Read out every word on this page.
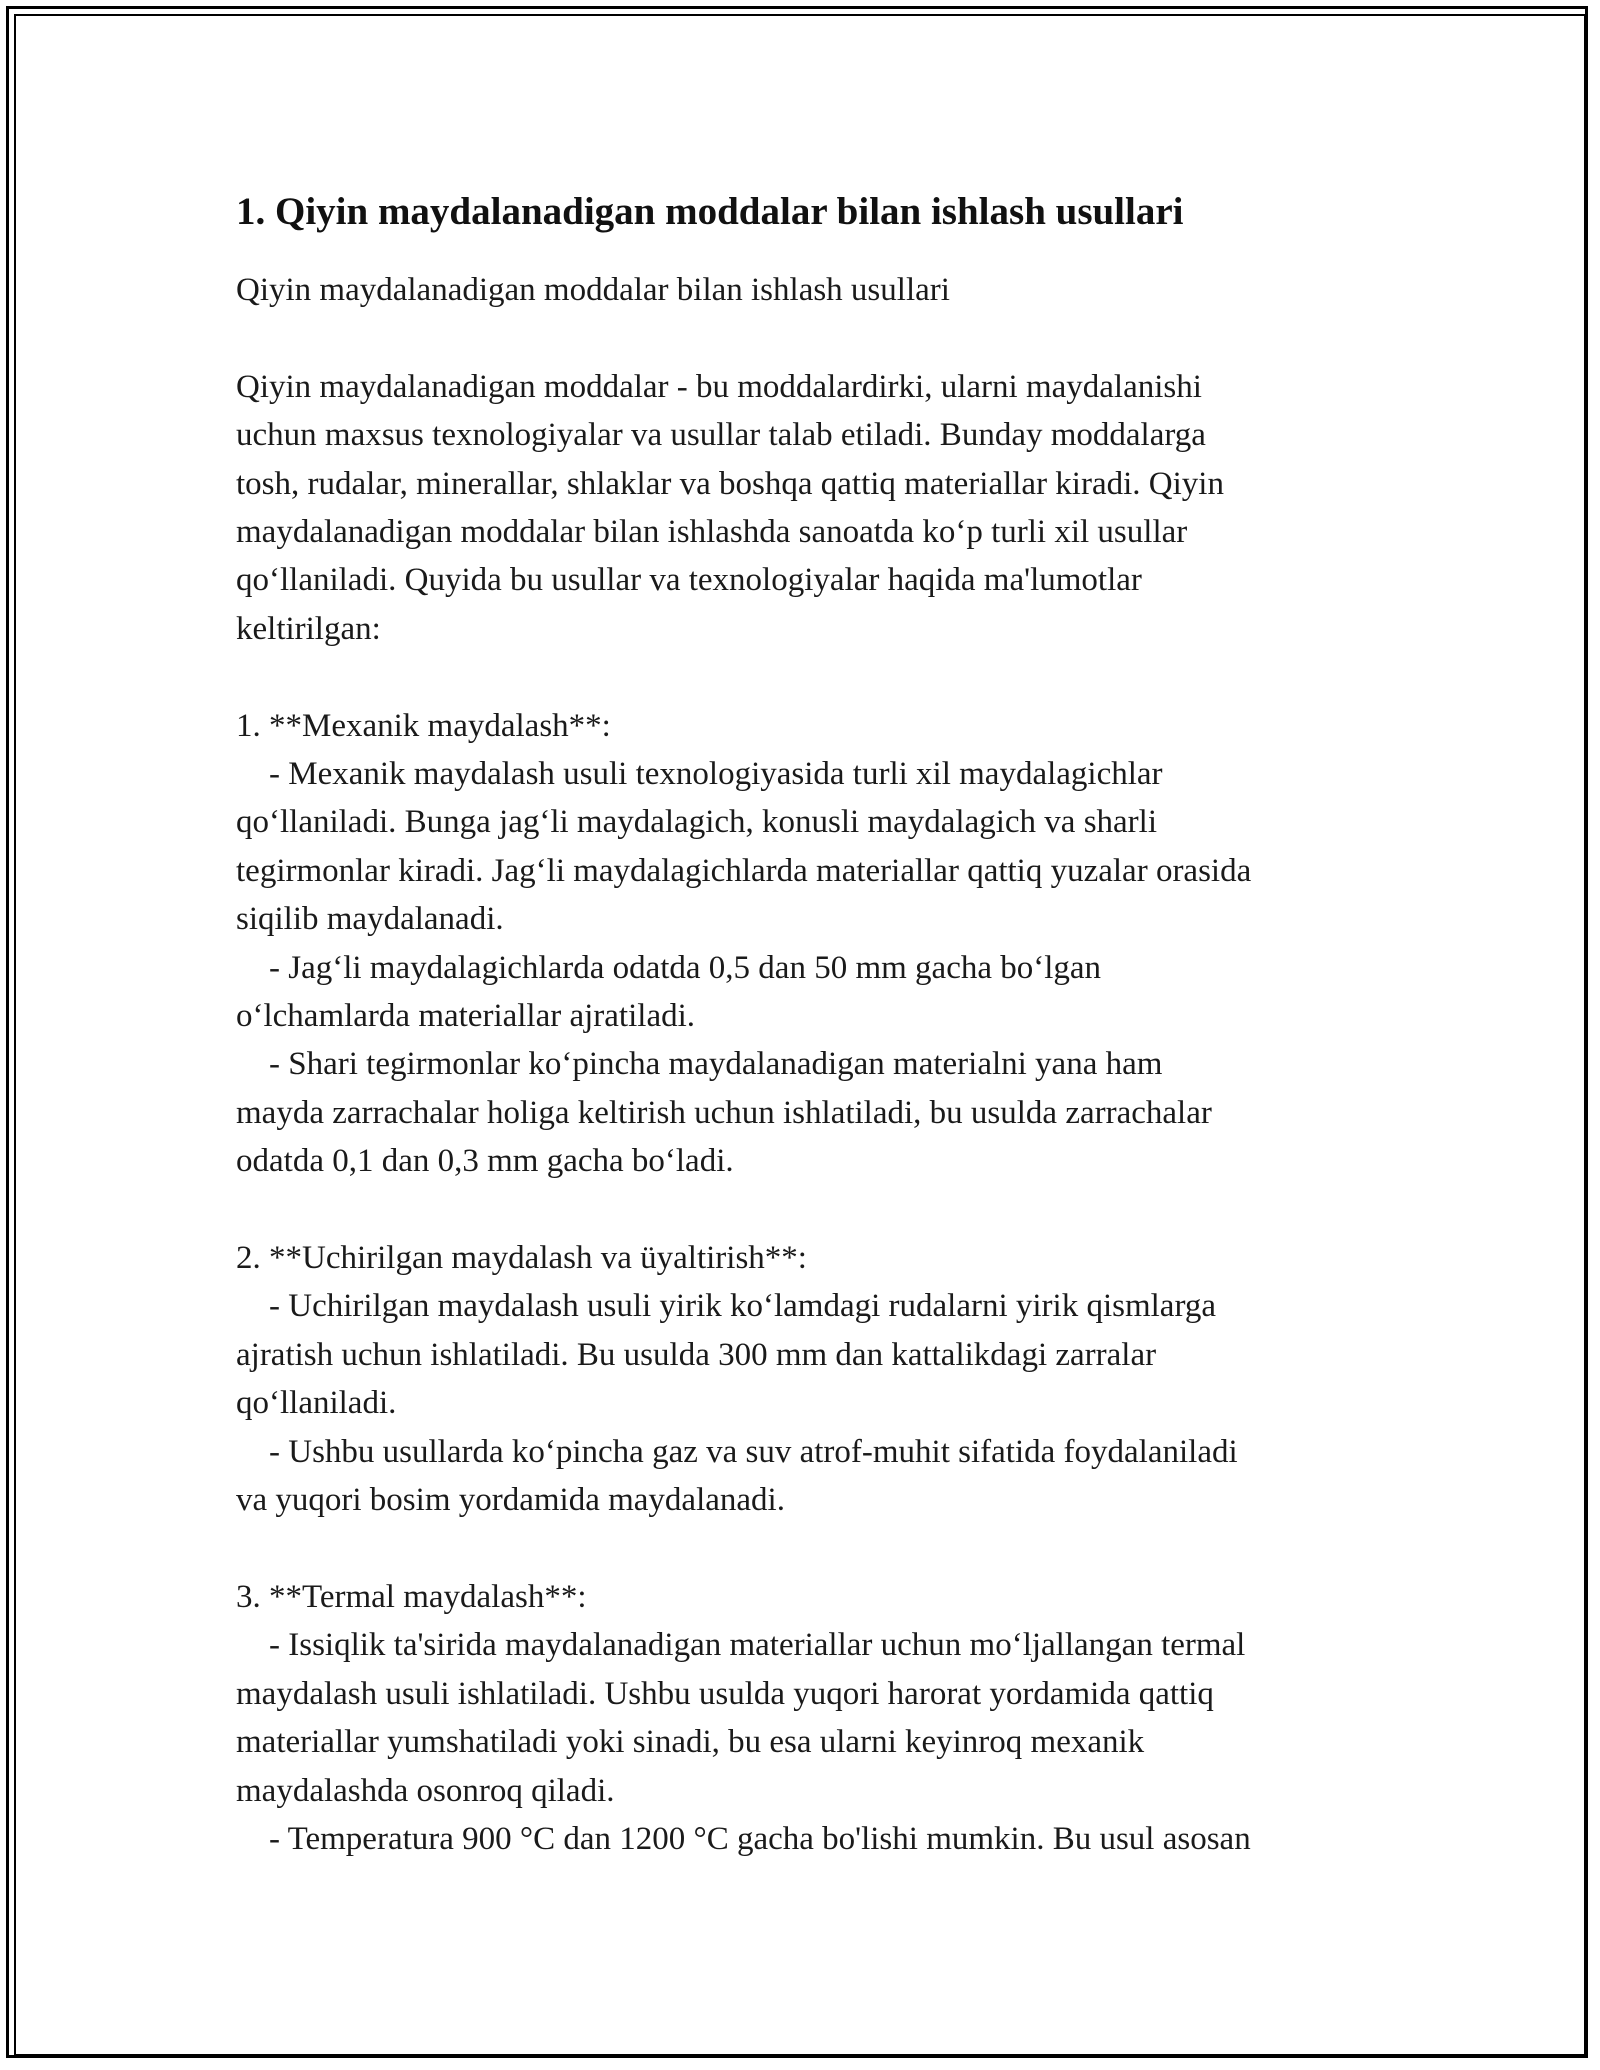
1. Qiyin maydalanadigan moddalar bilan ishlash usullari
Qiyin maydalanadigan moddalar bilan ishlash usullari
Qiyin maydalanadigan moddalar - bu moddalardirki, ularni maydalanishi
uchun maxsus texnologiyalar va usullar talab etiladi. Bunday moddalarga
tosh, rudalar, minerallar, shlaklar va boshqa qattiq materiallar kiradi. Qiyin
maydalanadigan moddalar bilan ishlashda sanoatda ko‘p turli xil usullar
qo‘llaniladi. Quyida bu usullar va texnologiyalar haqida ma'lumotlar
keltirilgan:
1. **Mexanik maydalash**:
- Mexanik maydalash usuli texnologiyasida turli xil maydalagichlar
qo‘llaniladi. Bunga jag‘li maydalagich, konusli maydalagich va sharli
tegirmonlar kiradi. Jag‘li maydalagichlarda materiallar qattiq yuzalar orasida
siqilib maydalanadi.
- Jag‘li maydalagichlarda odatda 0,5 dan 50 mm gacha bo‘lgan
o‘lchamlarda materiallar ajratiladi.
- Shari tegirmonlar ko‘pincha maydalanadigan materialni yana ham
mayda zarrachalar holiga keltirish uchun ishlatiladi, bu usulda zarrachalar
odatda 0,1 dan 0,3 mm gacha bo‘ladi.
2. **Uchirilgan maydalash va üyaltirish**:
- Uchirilgan maydalash usuli yirik ko‘lamdagi rudalarni yirik qismlarga
ajratish uchun ishlatiladi. Bu usulda 300 mm dan kattalikdagi zarralar
qo‘llaniladi.
- Ushbu usullarda ko‘pincha gaz va suv atrof-muhit sifatida foydalaniladi
va yuqori bosim yordamida maydalanadi.
3. **Termal maydalash**:
- Issiqlik ta'sirida maydalanadigan materiallar uchun mo‘ljallangan termal
maydalash usuli ishlatiladi. Ushbu usulda yuqori harorat yordamida qattiq
materiallar yumshatiladi yoki sinadi, bu esa ularni keyinroq mexanik
maydalashda osonroq qiladi.
- Temperatura 900 °C dan 1200 °C gacha bo'lishi mumkin. Bu usul asosan
